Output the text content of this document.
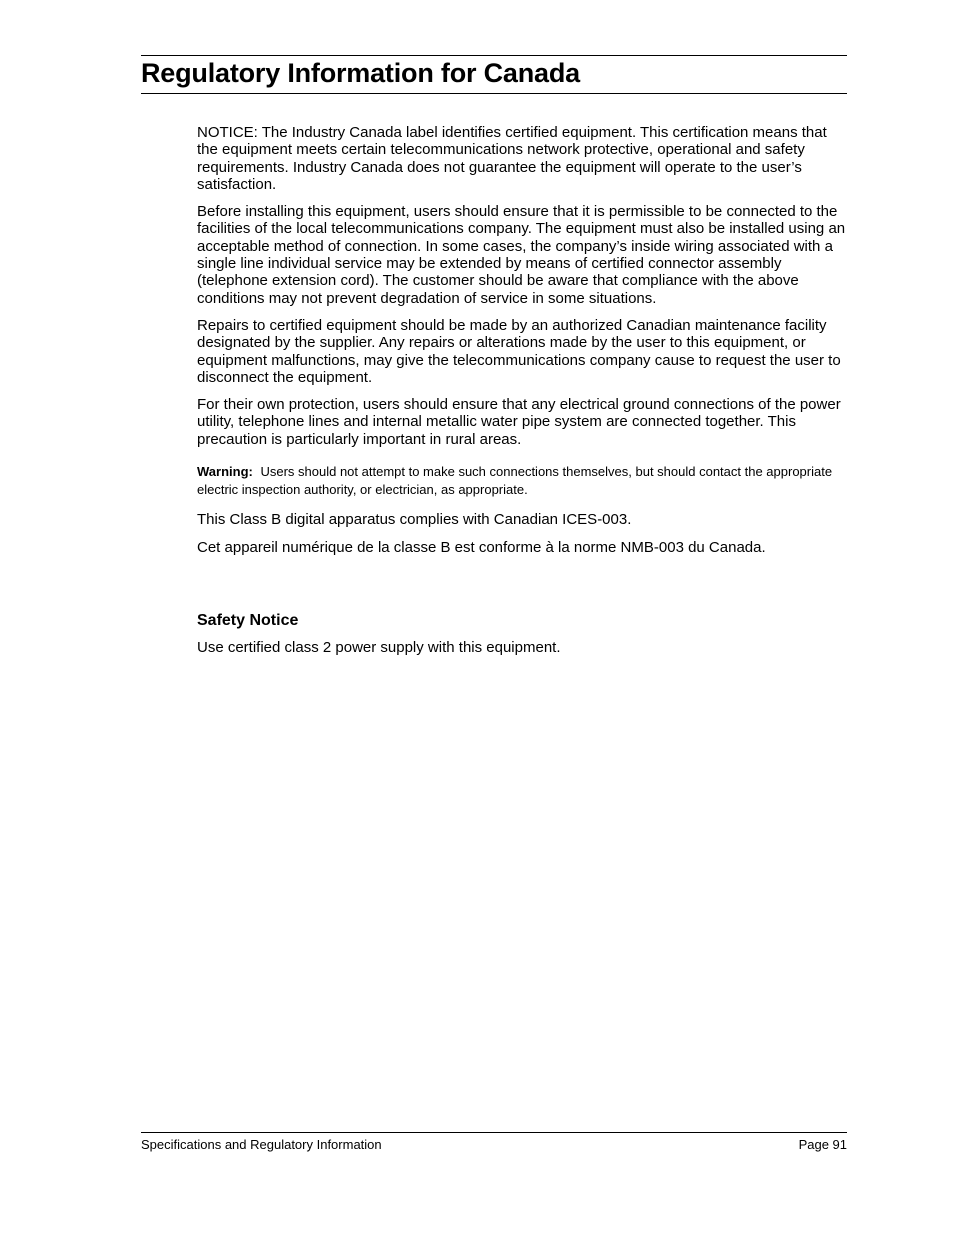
Regulatory Information for Canada

NOTICE: The Industry Canada label identifies certified equipment. This certification means that the equipment meets certain telecommunications network protective, operational and safety requirements. Industry Canada does not guarantee the equipment will operate to the user’s satisfaction.

Before installing this equipment, users should ensure that it is permissible to be connected to the facilities of the local telecommunications company. The equipment must also be installed using an acceptable method of connection. In some cases, the company’s inside wiring associated with a single line individual service may be extended by means of certified connector assembly (telephone extension cord). The customer should be aware that compliance with the above conditions may not prevent degradation of service in some situations.

Repairs to certified equipment should be made by an authorized Canadian maintenance facility designated by the supplier. Any repairs or alterations made by the user to this equipment, or equipment malfunctions, may give the telecommunications company cause to request the user to disconnect the equipment.

For their own protection, users should ensure that any electrical ground connections of the power utility, telephone lines and internal metallic water pipe system are connected together. This precaution is particularly important in rural areas.

Warning: Users should not attempt to make such connections themselves, but should contact the appropriate electric inspection authority, or electrician, as appropriate.

This Class B digital apparatus complies with Canadian ICES-003.

Cet appareil numérique de la classe B est conforme à la norme NMB-003 du Canada.

Safety Notice

Use certified class 2 power supply with this equipment.

Specifications and Regulatory Information	Page 91
